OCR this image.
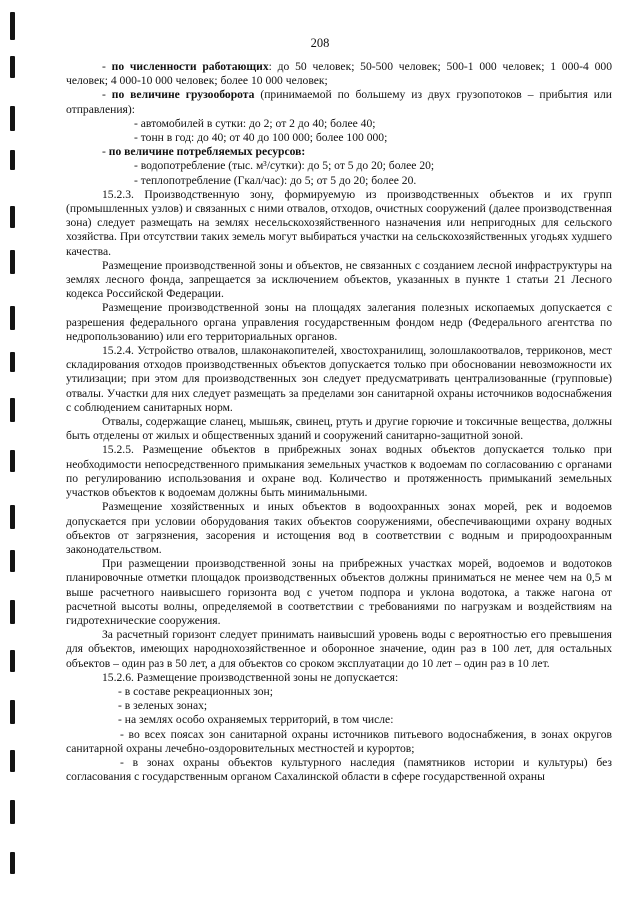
208

- по численности работающих: до 50 человек; 50-500 человек; 500-1 000 человек; 1 000-4 000 человек; 4 000-10 000 человек; более 10 000 человек;

- по величине грузооборота (принимаемой по большему из двух грузопотоков – прибытия или отправления):

- автомобилей в сутки: до 2; от 2 до 40; более 40;

- тонн в год: до 40; от 40 до 100 000; более 100 000;

- по величине потребляемых ресурсов:

- водопотребление (тыс. м³/сутки): до 5; от 5 до 20; более 20;

- теплопотребление (Гкал/час): до 5; от 5 до 20; более 20.

15.2.3. Производственную зону, формируемую из производственных объектов и их групп (промышленных узлов) и связанных с ними отвалов, отходов, очистных сооружений (далее производственная зона) следует размещать на землях несельскохозяйственного назначения или непригодных для сельского хозяйства. При отсутствии таких земель могут выбираться участки на сельскохозяйственных угодьях худшего качества.

Размещение производственной зоны и объектов, не связанных с созданием лесной инфраструктуры на землях лесного фонда, запрещается за исключением объектов, указанных в пункте 1 статьи 21 Лесного кодекса Российской Федерации.

Размещение производственной зоны на площадях залегания полезных ископаемых допускается с разрешения федерального органа управления государственным фондом недр (Федерального агентства по недропользованию) или его территориальных органов.

15.2.4. Устройство отвалов, шлаконакопителей, хвостохранилищ, золошлакоотвалов, терриконов, мест складирования отходов производственных объектов допускается только при обосновании невозможности их утилизации; при этом для производственных зон следует предусматривать централизованные (групповые) отвалы. Участки для них следует размещать за пределами зон санитарной охраны источников водоснабжения с соблюдением санитарных норм.

Отвалы, содержащие сланец, мышьяк, свинец, ртуть и другие горючие и токсичные вещества, должны быть отделены от жилых и общественных зданий и сооружений санитарно-защитной зоной.

15.2.5. Размещение объектов в прибрежных зонах водных объектов допускается только при необходимости непосредственного примыкания земельных участков к водоемам по согласованию с органами по регулированию использования и охране вод. Количество и протяженность примыканий земельных участков объектов к водоемам должны быть минимальными.

Размещение хозяйственных и иных объектов в водоохранных зонах морей, рек и водоемов допускается при условии оборудования таких объектов сооружениями, обеспечивающими охрану водных объектов от загрязнения, засорения и истощения вод в соответствии с водным и природоохранным законодательством.

При размещении производственной зоны на прибрежных участках морей, водоемов и водотоков планировочные отметки площадок производственных объектов должны приниматься не менее чем на 0,5 м выше расчетного наивысшего горизонта вод с учетом подпора и уклона водотока, а также нагона от расчетной высоты волны, определяемой в соответствии с требованиями по нагрузкам и воздействиям на гидротехнические сооружения.

За расчетный горизонт следует принимать наивысший уровень воды с вероятностью его превышения для объектов, имеющих народнохозяйственное и оборонное значение, один раз в 100 лет, для остальных объектов – один раз в 50 лет, а для объектов со сроком эксплуатации до 10 лет – один раз в 10 лет.

15.2.6. Размещение производственной зоны не допускается:

- в составе рекреационных зон;

- в зеленых зонах;

- на землях особо охраняемых территорий, в том числе:

- во всех поясах зон санитарной охраны источников питьевого водоснабжения, в зонах округов санитарной охраны лечебно-оздоровительных местностей и курортов;

- в зонах охраны объектов культурного наследия (памятников истории и культуры) без согласования с государственным органом Сахалинской области в сфере государственной охраны
